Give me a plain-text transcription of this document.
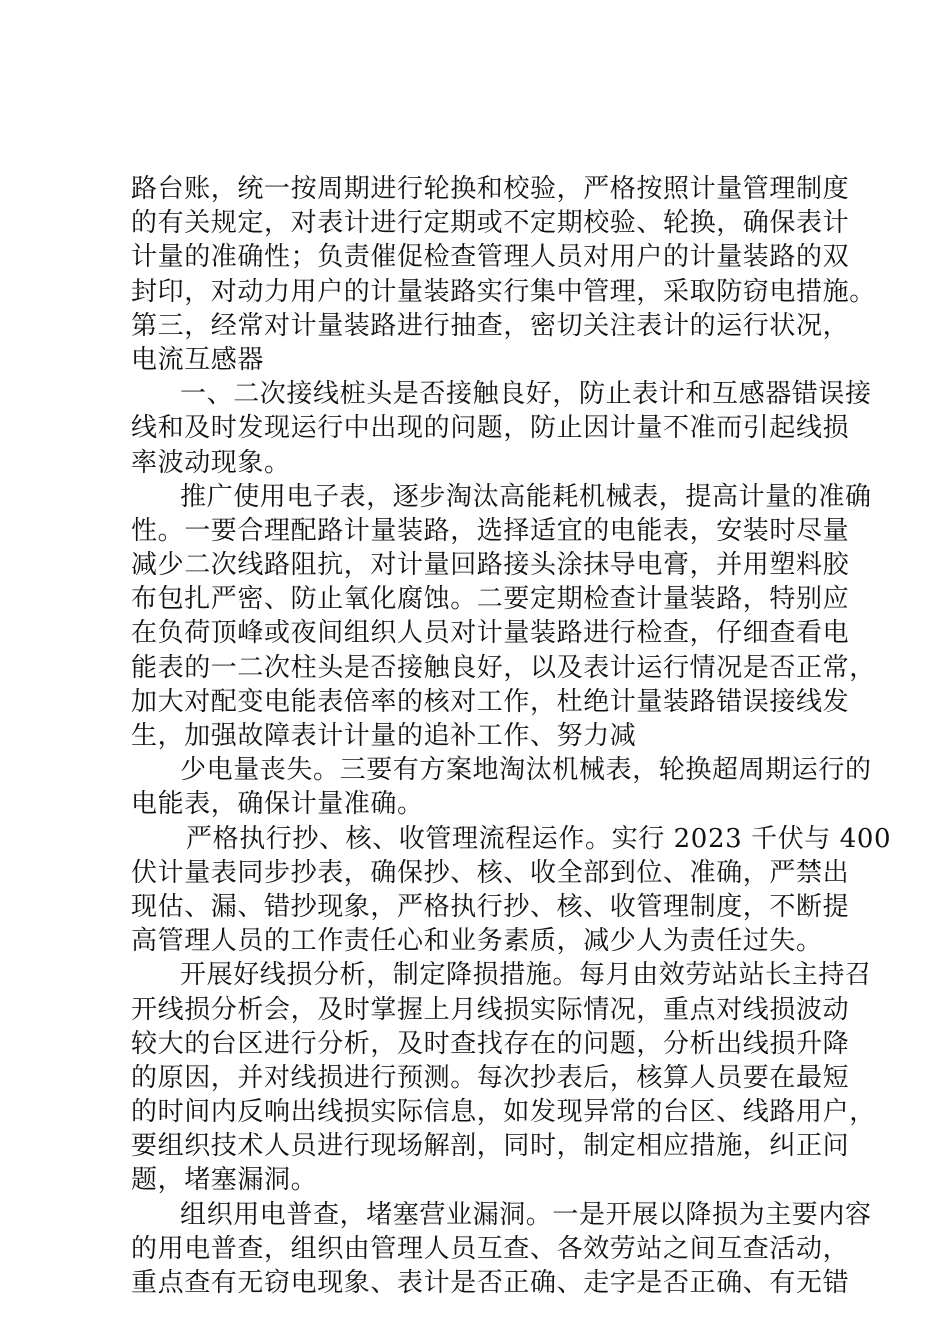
路台账，统一按周期进行轮换和校验，严格按照计量管理制度
的有关规定，对表计进行定期或不定期校验、轮换，确保表计
计量的准确性；负责催促检查管理人员对用户的计量装路的双
封印，对动力用户的计量装路实行集中管理，采取防窃电措施。
第三，经常对计量装路进行抽查，密切关注表计的运行状况，
电流互感器
一、二次接线桩头是否接触良好，防止表计和互感器错误接
线和及时发现运行中出现的问题，防止因计量不准而引起线损
率波动现象。
推广使用电子表，逐步淘汰高能耗机械表，提高计量的准确
性。一要合理配路计量装路，选择适宜的电能表，安装时尽量
减少二次线路阻抗，对计量回路接头涂抹导电膏，并用塑料胶
布包扎严密、防止氧化腐蚀。二要定期检查计量装路，特别应
在负荷顶峰或夜间组织人员对计量装路进行检查，仔细查看电
能表的一二次柱头是否接触良好，以及表计运行情况是否正常，
加大对配变电能表倍率的核对工作，杜绝计量装路错误接线发
生，加强故障表计计量的追补工作、努力减
少电量丧失。三要有方案地淘汰机械表，轮换超周期运行的
电能表，确保计量准确。
严格执行抄、核、收管理流程运作。实行 2023 千伏与 400
伏计量表同步抄表，确保抄、核、收全部到位、准确，严禁出
现估、漏、错抄现象，严格执行抄、核、收管理制度，不断提
高管理人员的工作责任心和业务素质，减少人为责任过失。
开展好线损分析，制定降损措施。每月由效劳站站长主持召
开线损分析会，及时掌握上月线损实际情况，重点对线损波动
较大的台区进行分析，及时查找存在的问题，分析出线损升降
的原因，并对线损进行预测。每次抄表后，核算人员要在最短
的时间内反响出线损实际信息，如发现异常的台区、线路用户，
要组织技术人员进行现场解剖，同时，制定相应措施，纠正问
题，堵塞漏洞。
组织用电普查，堵塞营业漏洞。一是开展以降损为主要内容
的用电普查，组织由管理人员互查、各效劳站之间互查活动，
重点查有无窃电现象、表计是否正确、走字是否正确、有无错
